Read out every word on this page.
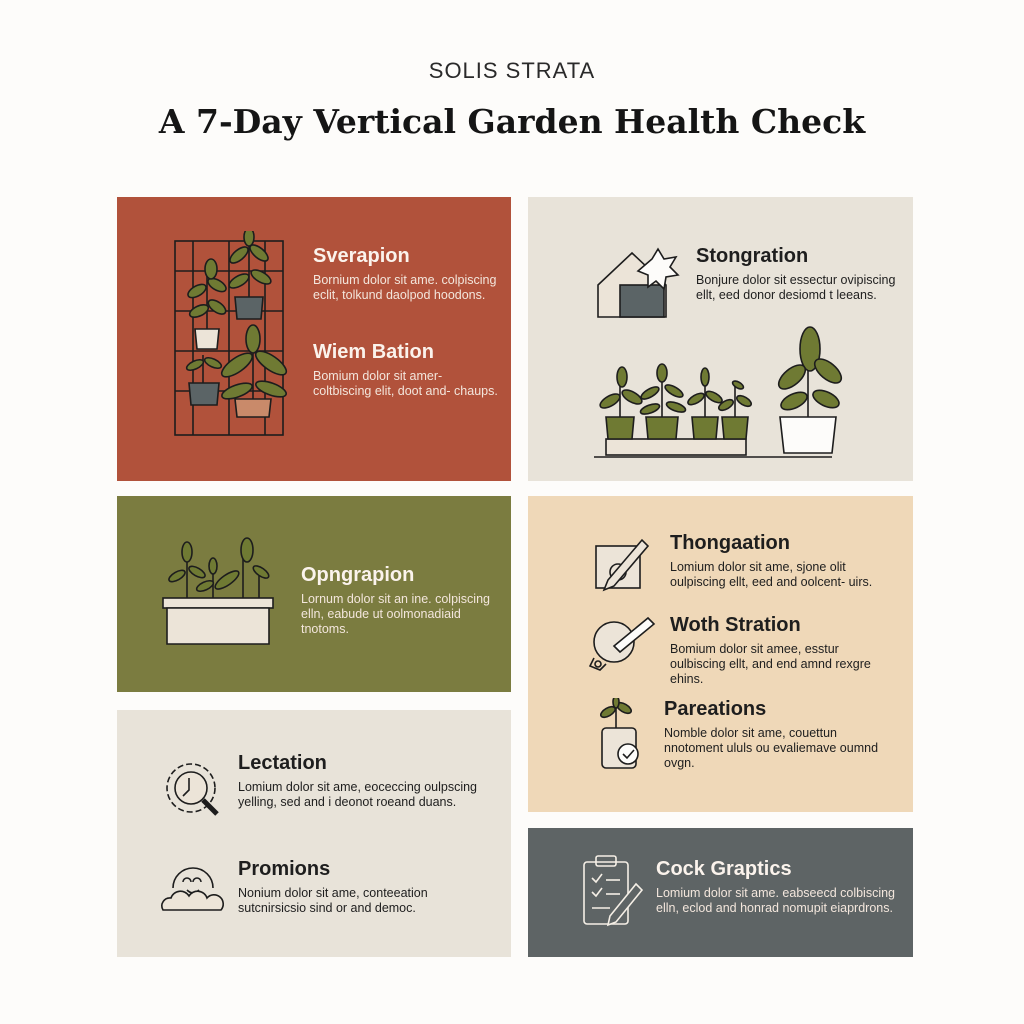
SOLIS STRATA
A 7-Day Vertical Garden Health Check
Sverapion

Bornium dolor sit ame. colpiscing eclit, tolkund daolpod hoodons.

Wiem Bation

Bomium dolor sit amer- coltbiscing elit, doot and- chaups.

Stongration

Bonjure dolor sit essectur ovipiscing ellt, eed donor desiomd t leeans.

Opngrapion

Lornum dolor sit an ine. colpiscing elln, eabude ut oolmonadiaid tnotoms.

Thongaation

Lomium dolor sit ame, sjone olit oulpiscing ellt, eed and oolcent- uirs.

Woth Stration

Bomium dolor sit amee, esstur oulbiscing ellt, and end amnd rexgre ehins.

Pareations

Nomble dolor sit ame, couettun nnotoment ululs ou evaliemave oumnd ovgn.

Lectation

Lomium dolor sit ame, eoceccing oulpscing yelling, sed and i deonot roeand duans.

Promions

Nonium dolor sit ame, conteeation sutcnirsicsio sind or and democ.

Cock Graptics

Lomium dolor sit ame. eabseecd colbiscing elln, eclod and honrad nomupit eiaprdrons.
